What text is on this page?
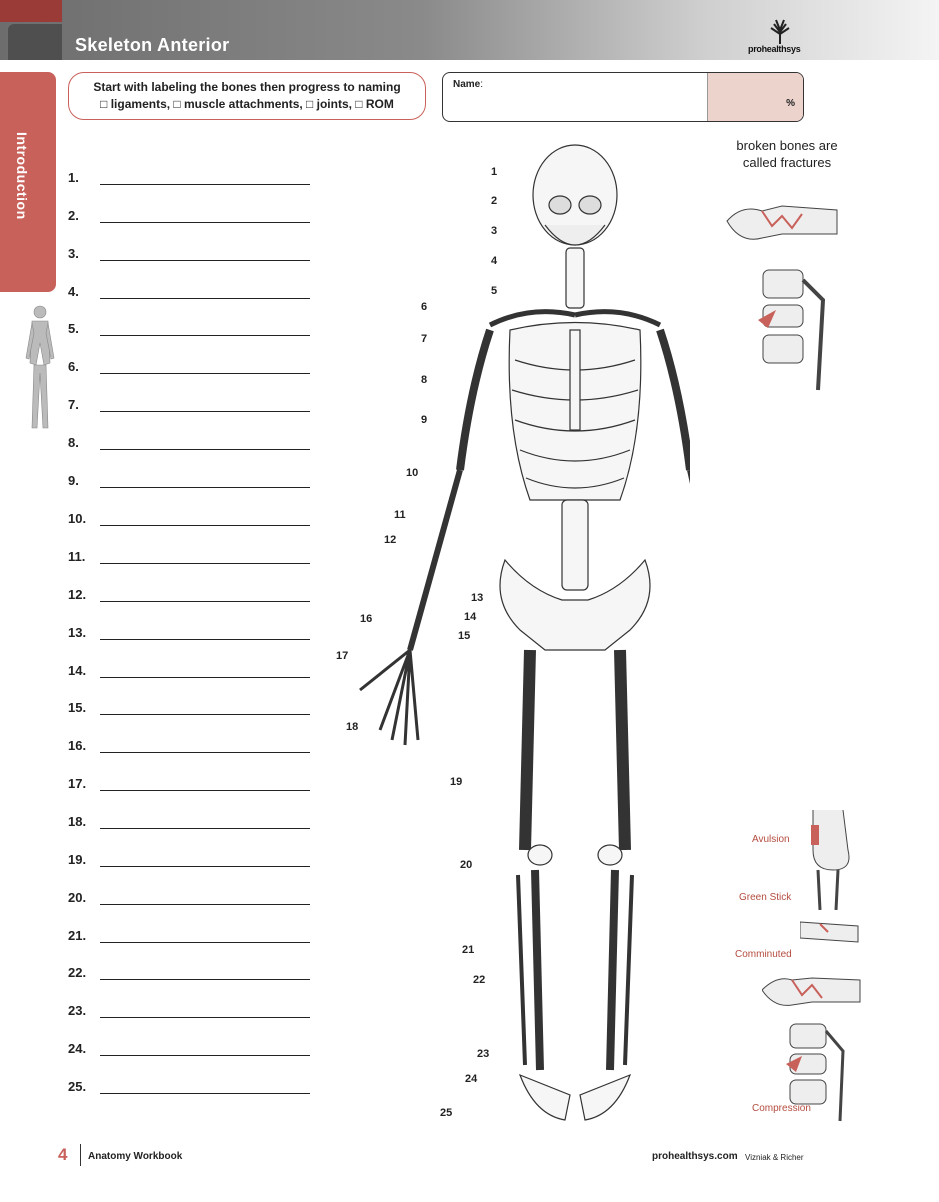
Skeleton Anterior	prohealthsys
Introduction
Start with labeling the bones then progress to naming
□ ligaments, □ muscle attachments, □ joints, □ ROM
Name:
%
1.
2.
3.
4.
5.
6.
7.
8.
9.
10.
11.
12.
13.
14.
15.
16.
17.
18.
19.
20.
21.
22.
23.
24.
25.
1
2
3
4
5
6
7
8
9
10
11
12
13
14
15
16
17
18
19
20
21
22
23
24
25
broken bones are
called fractures
Avulsion
Green Stick
Comminuted
Compression
4 Anatomy Workbook	prohealthsys.com Vizniak & Richer
